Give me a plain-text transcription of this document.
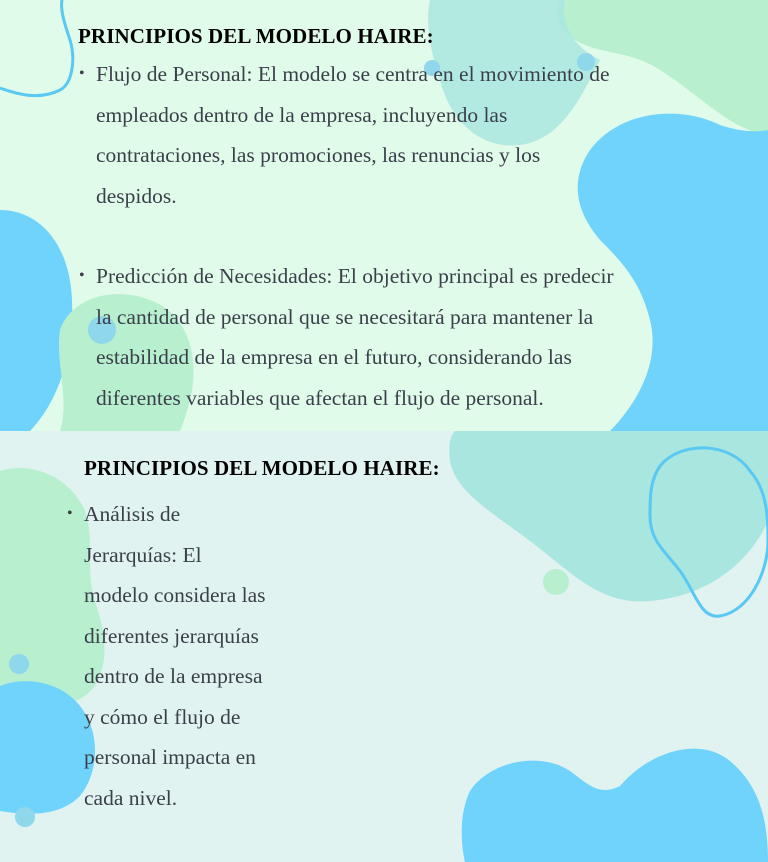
PRINCIPIOS DEL MODELO HAIRE:
• Flujo de Personal: El modelo se centra en el movimiento de
empleados dentro de la empresa, incluyendo las
contrataciones, las promociones, las renuncias y los
despidos.
• Predicción de Necesidades: El objetivo principal es predecir
la cantidad de personal que se necesitará para mantener la
estabilidad de la empresa en el futuro, considerando las
diferentes variables que afectan el flujo de personal.
PRINCIPIOS DEL MODELO HAIRE:
• Análisis de
Jerarquías: El
modelo considera las
diferentes jerarquías
dentro de la empresa
y cómo el flujo de
personal impacta en
cada nivel.
